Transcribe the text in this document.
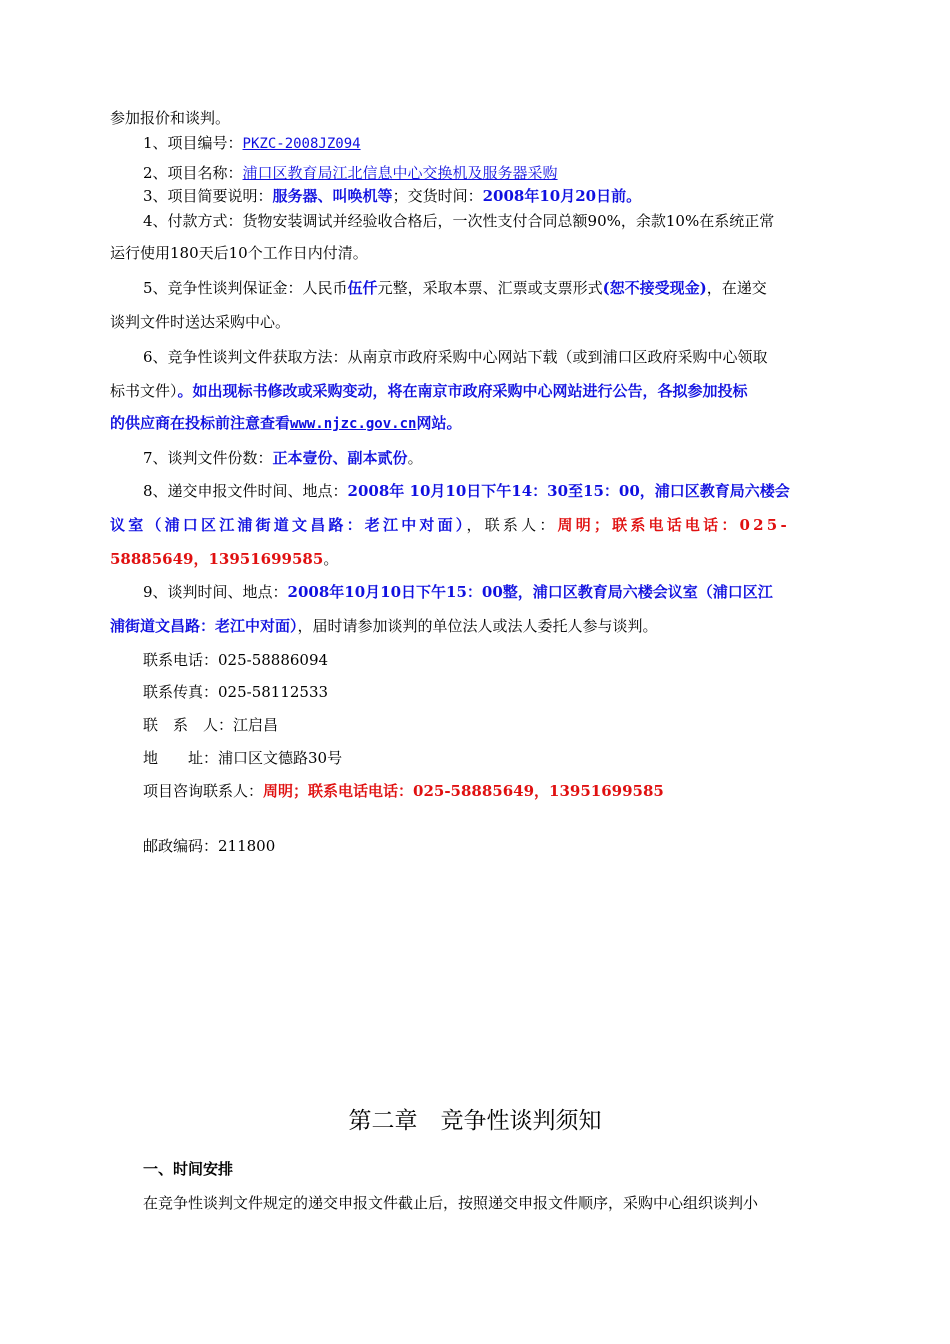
参加报价和谈判。
1、项目编号：PKZC-2008JZ094
2、项目名称：浦口区教育局江北信息中心交换机及服务器采购
3、项目简要说明：服务器、叫唤机等；交货时间：2008年10月20日前。
4、付款方式：货物安装调试并经验收合格后，一次性支付合同总额90%，余款10%在系统正常
运行使用180天后10个工作日内付清。
5、竞争性谈判保证金：人民币伍仟元整，采取本票、汇票或支票形式(恕不接受现金)，在递交
谈判文件时送达采购中心。
6、竞争性谈判文件获取方法：从南京市政府采购中心网站下载（或到浦口区政府采购中心领取
标书文件）。如出现标书修改或采购变动，将在南京市政府采购中心网站进行公告，各拟参加投标
的供应商在投标前注意查看www.njzc.gov.cn网站。
7、谈判文件份数：正本壹份、副本贰份。
8、递交申报文件时间、地点：2008年 10月10日下午14：30至15：00，浦口区教育局六楼会
议室（浦口区江浦街道文昌路：老江中对面），联系人：周明；联系电话电话：025-
58885649，13951699585。
9、谈判时间、地点：2008年10月10日下午15：00整，浦口区教育局六楼会议室（浦口区江
浦街道文昌路：老江中对面），届时请参加谈判的单位法人或法人委托人参与谈判。
联系电话：025-58886094
联系传真：025-58112533
联　系　人：江启昌
地　　址：浦口区文德路30号
项目咨询联系人：周明；联系电话电话：025-58885649，13951699585
邮政编码：211800
第二章　竞争性谈判须知
一、时间安排
在竞争性谈判文件规定的递交申报文件截止后，按照递交申报文件顺序，采购中心组织谈判小
